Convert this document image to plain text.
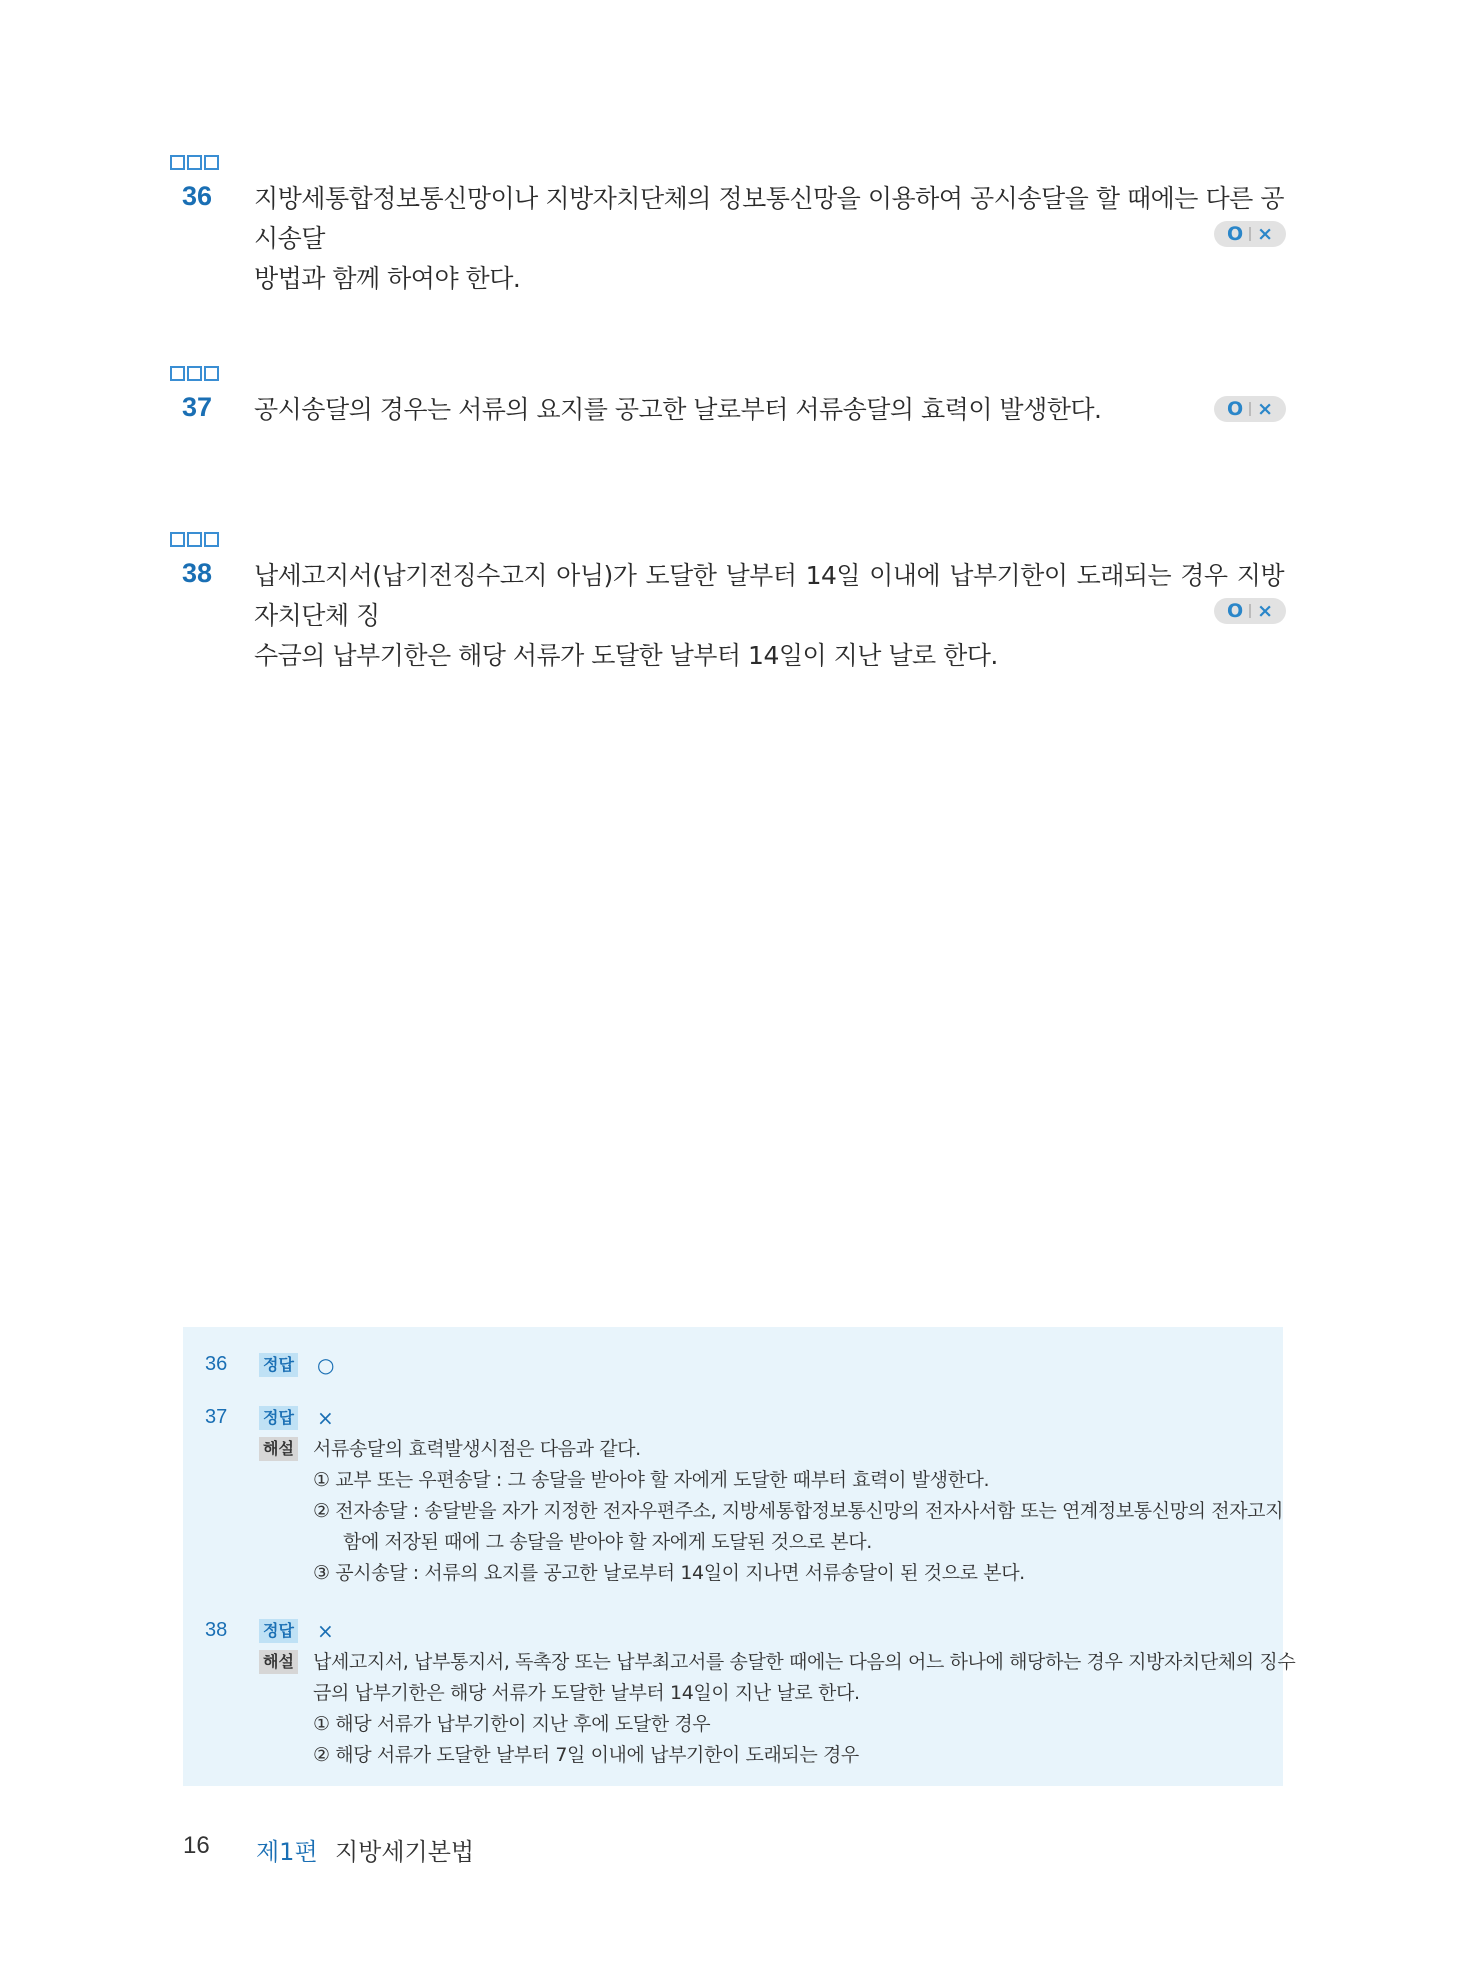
36 지방세통합정보통신망이나 지방자치단체의 정보통신망을 이용하여 공시송달을 할 때에는 다른 공시송달
방법과 함께 하여야 한다.
O ×
37 공시송달의 경우는 서류의 요지를 공고한 날로부터 서류송달의 효력이 발생한다.	O ×
38 납세고지서(납기전징수고지 아님)가 도달한 날부터 14일 이내에 납부기한이 도래되는 경우 지방자치단체 징
수금의 납부기한은 해당 서류가 도달한 날부터 14일이 지난 날로 한다.
O ×
36 정답 ○
37 정답 ×
해설 서류송달의 효력발생시점은 다음과 같다.
① 교부 또는 우편송달 : 그 송달을 받아야 할 자에게 도달한 때부터 효력이 발생한다.
② 전자송달 : 송달받을 자가 지정한 전자우편주소, 지방세통합정보통신망의 전자사서함 또는 연계정보통신망의 전자고지
함에 저장된 때에 그 송달을 받아야 할 자에게 도달된 것으로 본다.
③ 공시송달 : 서류의 요지를 공고한 날로부터 14일이 지나면 서류송달이 된 것으로 본다.
38 정답 ×
해설 납세고지서, 납부통지서, 독촉장 또는 납부최고서를 송달한 때에는 다음의 어느 하나에 해당하는 경우 지방자치단체의 징수
금의 납부기한은 해당 서류가 도달한 날부터 14일이 지난 날로 한다.
① 해당 서류가 납부기한이 지난 후에 도달한 경우
② 해당 서류가 도달한 날부터 7일 이내에 납부기한이 도래되는 경우
16 제1편 지방세기본법
